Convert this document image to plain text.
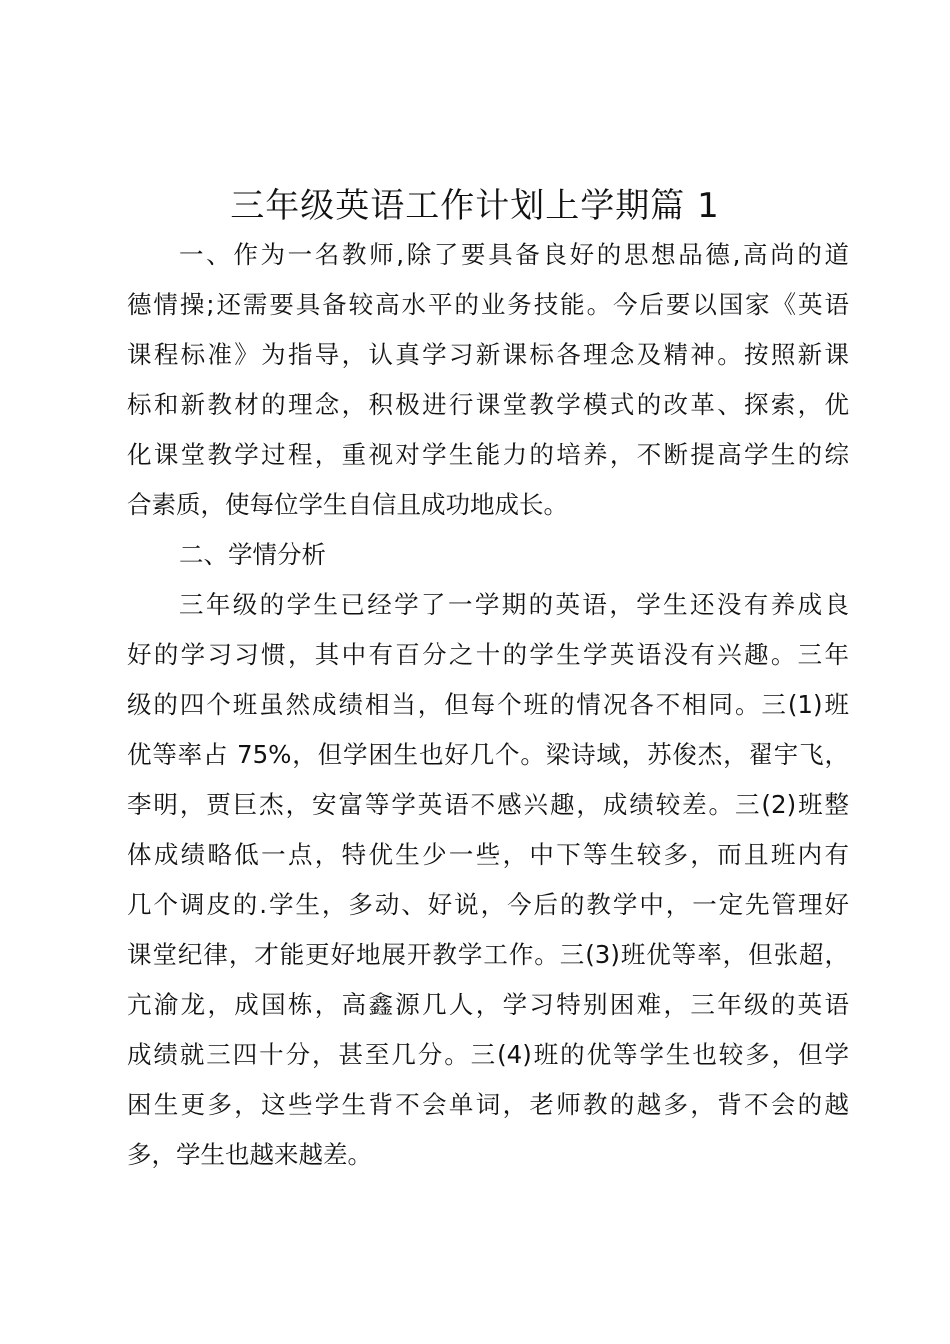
三年级英语工作计划上学期篇 1

一、作为一名教师,除了要具备良好的思想品德,高尚的道

德情操;还需要具备较高水平的业务技能。今后要以国家《英语

课程标准》为指导，认真学习新课标各理念及精神。按照新课

标和新教材的理念，积极进行课堂教学模式的改革、探索，优

化课堂教学过程，重视对学生能力的培养，不断提高学生的综

合素质，使每位学生自信且成功地成长。

二、学情分析

三年级的学生已经学了一学期的英语，学生还没有养成良

好的学习习惯，其中有百分之十的学生学英语没有兴趣。三年

级的四个班虽然成绩相当，但每个班的情况各不相同。三(1)班

优等率占 75%，但学困生也好几个。梁诗域，苏俊杰，翟宇飞，

李明，贾巨杰，安富等学英语不感兴趣，成绩较差。三(2)班整

体成绩略低一点，特优生少一些，中下等生较多，而且班内有

几个调皮的.学生，多动、好说，今后的教学中，一定先管理好

课堂纪律，才能更好地展开教学工作。三(3)班优等率，但张超，

亢渝龙，成国栋，高鑫源几人，学习特别困难，三年级的英语

成绩就三四十分，甚至几分。三(4)班的优等学生也较多，但学

困生更多，这些学生背不会单词，老师教的越多，背不会的越

多，学生也越来越差。
